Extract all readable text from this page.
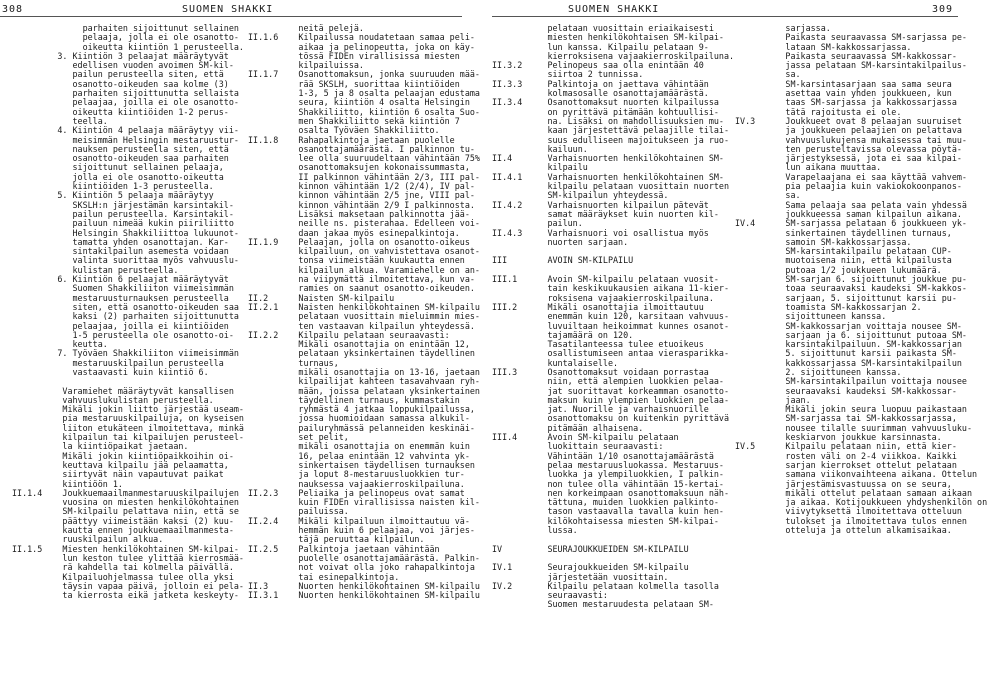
308	SUOMEN SHAKKI	SUOMEN SHAKKI	309
parhaiten sijoittunut sellainen
pelaaja, jolla ei ole osanotto-
oikeutta kiintiön 1 perusteella.
3. Kiintiön 3 pelaajat määräytyvät
edellisen vuoden avoimen SM-kil-
pailun perusteella siten, että
osanotto-oikeuden saa kolme (3)
parhaiten sijoittunutta sellaista
pelaajaa, joilla ei ole osanotto-
oikeutta kiintiöiden 1-2 perus-
teella.
4. Kiintiön 4 pelaaja määräytyy vii-
meisimmän Helsingin mestaruustur-
nauksen perusteella siten, että
osanotto-oikeuden saa parhaiten
sijoittunut sellainen pelaaja,
jolla ei ole osanotto-oikeutta
kiintiöiden 1-3 perusteella.
5. Kiintiön 5 pelaaja määräytyy
SKSLH:n järjestämän karsintakil-
pailun perusteella. Karsintakil-
pailuun nimeää kukin piiriliitto
Helsingin Shakkiliittoa lukuunot-
tamatta yhden osanottajan. Kar-
sintakilpailun asemesta voidaan
valinta suorittaa myös vahvuuslu-
kulistan perusteella.
6. Kiintiön 6 pelaajat määräytyvät
Suomen Shakkiliiton viimeisimmän
mestaruusturnauksen perusteella
siten, että osanotto-oikeuden saa
kaksi (2) parhaiten sijoittunutta
pelaajaa, joilla ei kiintiöiden
1-5 perusteella ole osanotto-oi-
keutta.
7. Työväen Shakkiliiton viimeisimmän
mestaruuskilpailun perusteella
vastaavasti kuin kiintiö 6.

Varamiehet määräytyvät kansallisen
vahvuuslukulistan perusteella.
Mikäli jokin liitto järjestää useam-
pia mestaruuskilpailuja, on kyseisen
liiton etukäteen ilmoitettava, minkä
kilpailun tai kilpailujen perusteel-
la kiintiöpaikat jaetaan.
Mikäli jokin kiintiöpaikkoihin oi-
keuttava kilpailu jää pelaamatta,
siirtyvät näin vapautuvat paikat
kiintiöön 1.
II.1.4    Joukkuemaailmanmestaruuskilpailujen
vuosina on miesten henkilökohtainen
SM-kilpailu pelattava niin, että se
päättyy viimeistään kaksi (2) kuu-
kautta ennen joukkuemaailmanmesta-
ruuskilpailun alkua.
II.1.5    Miesten henkilökohtainen SM-kilpai-
lun keston tulee ylittää kierrosmää-
rä kahdella tai kolmella päivällä.
Kilpailuohjelmassa tulee olla yksi
täysin vapaa päivä, jolloin ei pela-
ta kierrosta eikä jatketa keskeyty-
neitä pelejä.
II.1.6    Kilpailussa noudatetaan samaa peli-
aikaa ja pelinopeutta, joka on käy-
tössä FIDEn virallisissa miesten
kilpailuissa.
II.1.7    Osanottomaksun, jonka suuruuden mää-
rää SKSLH, suorittaa kiintiöiden
1-3, 5 ja 8 osalta pelaajan edustama
seura, kiintiön 4 osalta Helsingin
Shakkiliitto, kiintiön 6 osalta Suo-
men Shakkiliitto sekä kiintiön 7
osalta Työväen Shakkiliitto.
II.1.8    Rahapalkintoja jaetaan puolelle
osanottajamäärästä. I palkinnon tu-
lee olla suuruudeltaan vähintään 75%
osanottomaksujen kokonaissummasta,
II palkinnon vähintään 2/3, III pal-
kinnon vähintään 1/2 (2/4), IV pal-
kinnon vähintään 2/5 jne, VIII pal-
kinnon vähintään 2/9 I palkinnosta.
Lisäksi maksetaan palkinnotta jää-
neille ns. pisterahaa. Edelleen voi-
daan jakaa myös esinepalkintoja.
II.1.9    Pelaajan, jolla on osanotto-oikeus
kilpailuun, on vahvistettava osanot-
tonsa viimeistään kuukautta ennen
kilpailun alkua. Varamiehelle on an-
na viipymättä ilmoitettava, kun va-
ramies on saanut osanotto-oikeuden.
II.2      Naisten SM-kilpailu
II.2.1    Naisten henkilökohtainen SM-kilpailu
pelataan vuosittain mieluimmin mies-
ten vastaavan kilpailun yhteydessä.
II.2.2    Kilpailu pelataan seuraavasti:
Mikäli osanottajia on enintään 12,
pelataan yksinkertainen täydellinen
turnaus,
mikäli osanottajia on 13-16, jaetaan
kilpailijat kahteen tasavahvaan ryh-
mään, joissa pelataan yksinkertainen
täydellinen turnaus, kummastakin
ryhmästä 4 jatkaa loppukilpailussa,
jossa huomioidaan samassa alkukil-
pailuryhmässä pelanneiden keskinäi-
set pelit,
mikäli osanottajia on enemmän kuin
16, pelaa enintään 12 vahvinta yk-
sinkertaisen täydellisen turnauksen
ja loput 8-mestaruusluokkien tur-
nauksessa vajaakierroskilpailuna.
II.2.3    Peliaika ja pelinopeus ovat samat
kuin FIDEn virallisissa naisten kil-
pailuissa.
II.2.4    Mikäli kilpailuun ilmoittautuu vä-
hemmän kuin 6 pelaajaa, voi järjes-
täjä peruuttaa kilpailun.
II.2.5    Palkintoja jaetaan vähintään
puolelle osanottajamäärästä. Palkin-
not voivat olla joko rahapalkintoja
tai esinepalkintoja.
II.3      Nuorten henkilökohtainen SM-kilpailu
II.3.1    Nuorten henkilökohtainen SM-kilpailu
pelataan vuosittain eriaikaisesti
miesten henkilökohtaisen SM-kilpai-
lun kanssa. Kilpailu pelataan 9-
kierroksisena vajaakierroskilpailuna.
II.3.2     Pelinopeus saa olla enintään 40
siirtoa 2 tunnissa.
II.3.3     Palkintoja on jaettava vähintään
kolmasosalle osanottajamäärästä.
II.3.4     Osanottomaksut nuorten kilpailussa
on pyrittävä pitämään kohtuullisi-
na. Lisäksi on mahdollisuuksien mu-
kaan järjestettävä pelaajille tilai-
suus edulliseen majoitukseen ja ruo-
kailuun.
II.4       Varhaisnuorten henkilökohtainen SM-
kilpailu
II.4.1     Varhaisnuorten henkilökohtainen SM-
kilpailu pelataan vuosittain nuorten
SM-kilpailun yhteydessä.
II.4.2     Varhaisnuorten kilpailun pätevät
samat määräykset kuin nuorten kil-
pailun.
II.4.3     Varhaisnuori voi osallistua myös
nuorten sarjaan.

III        AVOIN SM-KILPAILU

III.1      Avoin SM-kilpailu pelataan vuosit-
tain keskikuukausien aikana 11-kier-
roksisena vajaakierroskilpailuna.
III.2      Mikäli osanottajia ilmoittautuu
enemmän kuin 120, karsitaan vahvuus-
luvuiltaan heikoimmat kunnes osanot-
tajamäärä on 120.
Tasatilanteessa tulee etuoikeus
osallistumiseen antaa vierasparikka-
kuntalaiselle.
III.3      Osanottomaksut voidaan porrastaa
niin, että alempien luokkien pelaa-
jat suorittavat korkeamman osanotto-
maksun kuin ylempien luokkien pelaa-
jat. Nuorille ja varhaisnuorille
osanottomaksu on kuitenkin pyrittävä
pitämään alhaisena.
III.4      Avoin SM-kilpailu pelataan
luokittain seuraavasti:
Vähintään 1/10 osanottajamäärästä
pelaa mestaruusluokassa. Mestaruus-
luokka ja ylempiluokkien, I palkin-
non tulee olla vähintään 15-kertai-
nen korkeimpaan osanottomaksuun näh-
tättuna, muiden luokkien palkinto-
tason vastaavalla tavalla kuin hen-
kilökohtaisessa miesten SM-kilpai-
lussa.

IV         SEURAJOUKKUEIDEN SM-KILPAILU

IV.1       Seurajoukkueiden SM-kilpailu
järjestetään vuosittain.
IV.2       Kilpailu pelataan kolmella tasolla
seuraavasti:
Suomen mestaruudesta pelataan SM-
sarjassa.
Paikasta seuraavassa SM-sarjassa pe-
lataan SM-kakkossarjassa.
Paikasta seuraavassa SM-kakkossar-
jassa pelataan SM-karsintakilpailus-
sa.
SM-karsintasarjaan saa sama seura
asettaa vain yhden joukkueen, kun
taas SM-sarjassa ja kakkossarjassa
tätä rajoitusta ei ole.
IV.3      Joukkueet ovat 8 pelaajan suuruiset
ja joukkueen pelaajien on pelattava
vahvuuslukujensa mukaisessa tai muu-
ten perusteltavissa olevassa pöytä-
järjestyksessä, jota ei saa kilpai-
lun aikana muuttaa.
Varapelaajana ei saa käyttää vahvem-
pia pelaajia kuin vakiokokoonpanos-
sa.
Sama pelaaja saa pelata vain yhdessä
joukkueessa saman kilpailun aikana.
IV.4      SM-sarjassa pelataan 6 joukkueen yk-
sinkertainen täydellinen turnaus,
samoin SM-kakkossarjassa.
SM-karsintakilpailu pelataan CUP-
muotoisena niin, että kilpailusta
putoaa 1/2 joukkueen lukumäärä.
SM-sarjan 6. sijoittunut joukkue pu-
toaa seuraavaksi kaudeksi SM-kakkos-
sarjaan, 5. sijoittunut karsii pu-
toamista SM-kakkossarjan 2.
sijoittuneen kanssa.
SM-kakkossarjan voittaja nousee SM-
sarjaan ja 6. sijoittunut putoaa SM-
karsintakilpailuun. SM-kakkossarjan
5. sijoittunut karsii paikasta SM-
kakkossarjassa SM-karsintakilpailun
2. sijoittuneen kanssa.
SM-karsintakilpailun voittaja nousee
seuraavaksi kaudeksi SM-kakkossar-
jaan.
Mikäli jokin seura luopuu paikastaan
SM-sarjassa tai SM-kakkossarjassa,
nousee tilalle suurimman vahvuusluku-
keskiarvon joukkue karsinnasta.
IV.5      Kilpailu pelataan niin, että kier-
rosten väli on 2-4 viikkoa. Kaikki
sarjan kierrokset ottelut pelataan
samana viikonvaihteena aikana. Ottelun
järjestämisvastuussa on se seura,
mikäli ottelut pelataan samaan aikaan
ja aikaa. Kotijoukkueen yhdyshenkilön on
viivytyksettä ilmoitettava otteluun
tulokset ja ilmoitettava tulos ennen
otteluja ja ottelun alkamisaikaa.
